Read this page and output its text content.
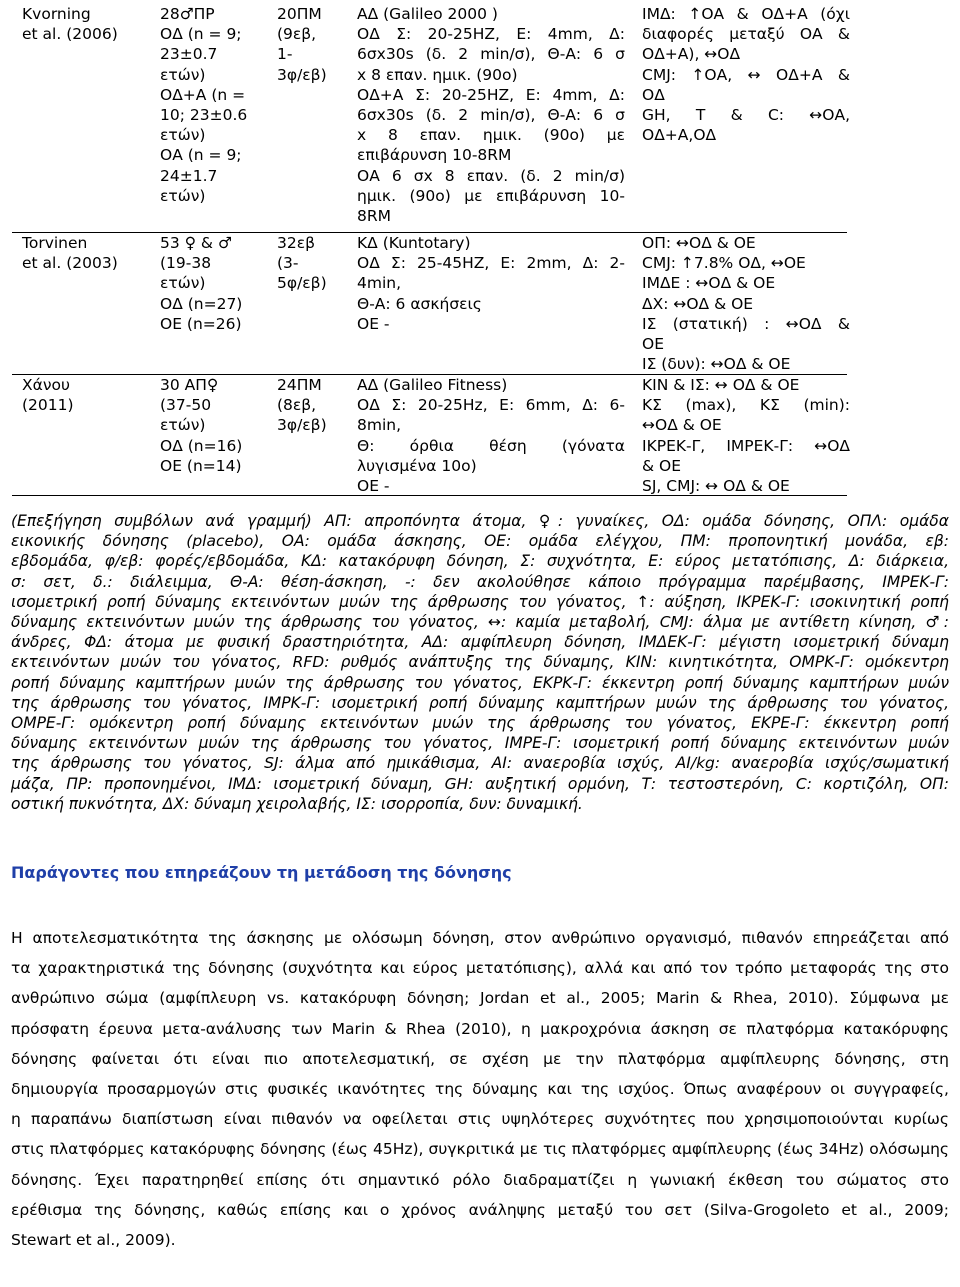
Kvorning
et al. (2006)
28♂ΠΡ
ΟΔ (n = 9;
23±0.7
ετών)
ΟΔ+Α (n =
10; 23±0.6
ετών)
ΟΑ (n = 9;
24±1.7
ετών)
20ΠΜ
(9εβ,
1-
3φ/εβ)
ΑΔ (Galileo 2000 )
ΟΔ Σ: 20-25ΗΖ, Ε: 4mm, Δ:
6σx30s (δ. 2 min/σ), Θ-Α: 6 σ
x 8 επαν. ημικ. (90ο)
ΟΔ+Α Σ: 20-25ΗΖ, Ε: 4mm, Δ:
6σx30s (δ. 2 min/σ), Θ-Α: 6 σ
x 8 επαν. ημικ. (90ο) με
επιβάρυνση 10-8RM
ΟΑ 6 σx 8 επαν. (δ. 2 min/σ)
ημικ. (90ο) με επιβάρυνση 10-
8RM
ΙΜΔ: ↑ΟΑ & ΟΔ+Α (όχι
διαφορές μεταξύ ΟΑ &
ΟΔ+Α), ↔ΟΔ
CMJ: ↑ΟΑ, ↔ ΟΔ+Α &
ΟΔ
GH, Τ & C: ↔ΟΑ,
ΟΔ+Α,ΟΔ
Torvinen
et al. (2003)
53 ♀ & ♂
(19-38
ετών)
ΟΔ (n=27)
ΟΕ (n=26)
32εβ
(3-
5φ/εβ)
ΚΔ (Kuntotary)
ΟΔ Σ: 25-45ΗΖ, Ε: 2mm, Δ: 2-
4min,
Θ-Α: 6 ασκήσεις
ΟΕ -
ΟΠ: ↔ΟΔ & ΟΕ
CMJ: ↑7.8% ΟΔ, ↔ΟΕ
ΙΜΔΕ : ↔ΟΔ & ΟΕ
ΔΧ: ↔ΟΔ & ΟΕ
ΙΣ (στατική) : ↔ΟΔ &
ΟΕ
ΙΣ (δυν): ↔ΟΔ & ΟΕ
Χάνου
(2011)
30 ΑΠ♀
(37-50
ετών)
ΟΔ (n=16)
ΟΕ (n=14)
24ΠΜ
(8εβ,
3φ/εβ)
ΑΔ (Galileo Fitness)
ΟΔ Σ: 20-25Ηz, Ε: 6mm, Δ: 6-
8min,
Θ: όρθια θέση (γόνατα
λυγισμένα 10ο)
ΟΕ -
ΚΙΝ & ΙΣ: ↔ ΟΔ & ΟΕ
ΚΣ (max), ΚΣ (min):
↔ΟΔ & ΟΕ
ΙΚΡΕΚ-Γ, ΙΜΡΕΚ-Γ: ↔ΟΔ
& ΟΕ
SJ, CMJ: ↔ ΟΔ & ΟΕ
(Επεξήγηση συμβόλων ανά γραμμή) ΑΠ: απροπόνητα άτομα, ♀: γυναίκες, ΟΔ: ομάδα δόνησης, ΟΠΛ: ομάδα
εικονικής δόνησης (placebo), ΟΑ: ομάδα άσκησης, ΟΕ: ομάδα ελέγχου, ΠΜ: προπονητική μονάδα, εβ:
εβδομάδα, φ/εβ: φορές/εβδομάδα, ΚΔ: κατακόρυφη δόνηση, Σ: συχνότητα, Ε: εύρος μετατόπισης, Δ: διάρκεια,
σ: σετ, δ.: διάλειμμα, Θ-Α: θέση-άσκηση, -: δεν ακολούθησε κάποιο πρόγραμμα παρέμβασης, ΙΜΡΕΚ-Γ:
ισομετρική ροπή δύναμης εκτεινόντων μυών της άρθρωσης του γόνατος, ↑: αύξηση, ΙΚΡΕΚ-Γ: ισοκινητική ροπή
δύναμης εκτεινόντων μυών της άρθρωσης του γόνατος, ↔: καμία μεταβολή, CMJ: άλμα με αντίθετη κίνηση, ♂:
άνδρες, ΦΔ: άτομα με φυσική δραστηριότητα, ΑΔ: αμφίπλευρη δόνηση, ΙΜΔΕΚ-Γ: μέγιστη ισομετρική δύναμη
εκτεινόντων μυών του γόνατος, RFD: ρυθμός ανάπτυξης της δύναμης, ΚΙΝ: κινητικότητα, ΟΜΡΚ-Γ: ομόκεντρη
ροπή δύναμης καμπτήρων μυών της άρθρωσης του γόνατος, ΕΚΡΚ-Γ: έκκεντρη ροπή δύναμης καμπτήρων μυών
της άρθρωσης του γόνατος, ΙΜΡΚ-Γ: ισομετρική ροπή δύναμης καμπτήρων μυών της άρθρωσης του γόνατος,
ΟΜΡΕ-Γ: ομόκεντρη ροπή δύναμης εκτεινόντων μυών της άρθρωσης του γόνατος, ΕΚΡΕ-Γ: έκκεντρη ροπή
δύναμης εκτεινόντων μυών της άρθρωσης του γόνατος, ΙΜΡΕ-Γ: ισομετρική ροπή δύναμης εκτεινόντων μυών
της άρθρωσης του γόνατος, SJ: άλμα από ημικάθισμα, ΑΙ: αναεροβία ισχύς, ΑΙ/kg: αναεροβία ισχύς/σωματική
μάζα, ΠΡ: προπονημένοι, ΙΜΔ: ισομετρική δύναμη, GH: αυξητική ορμόνη, Τ: τεστοστερόνη, C: κορτιζόλη, ΟΠ:
οστική πυκνότητα, ΔΧ: δύναμη χειρολαβής, ΙΣ: ισορροπία, δυν: δυναμική.
Παράγοντες που επηρεάζουν τη μετάδοση της δόνησης
Η αποτελεσματικότητα της άσκησης με ολόσωμη δόνηση, στον ανθρώπινο οργανισμό, πιθανόν επηρεάζεται από
τα χαρακτηριστικά της δόνησης (συχνότητα και εύρος μετατόπισης), αλλά και από τον τρόπο μεταφοράς της στο
ανθρώπινο σώμα (αμφίπλευρη vs. κατακόρυφη δόνηση; Jordan et al., 2005; Marin & Rhea, 2010). Σύμφωνα με
πρόσφατη έρευνα μετα-ανάλυσης των Marin & Rhea (2010), η μακροχρόνια άσκηση σε πλατφόρμα κατακόρυφης
δόνησης φαίνεται ότι είναι πιο αποτελεσματική, σε σχέση με την πλατφόρμα αμφίπλευρης δόνησης, στη
δημιουργία προσαρμογών στις φυσικές ικανότητες της δύναμης και της ισχύος. Όπως αναφέρουν οι συγγραφείς,
η παραπάνω διαπίστωση είναι πιθανόν να οφείλεται στις υψηλότερες συχνότητες που χρησιμοποιούνται κυρίως
στις πλατφόρμες κατακόρυφης δόνησης (έως 45Hz), συγκριτικά με τις πλατφόρμες αμφίπλευρης (έως 34Hz) ολόσωμης
δόνησης. Έχει παρατηρηθεί επίσης ότι σημαντικό ρόλο διαδραματίζει η γωνιακή έκθεση του σώματος στο
ερέθισμα της δόνησης, καθώς επίσης και ο χρόνος ανάληψης μεταξύ του σετ (Silva-Grogoleto et al., 2009;
Stewart et al., 2009).
